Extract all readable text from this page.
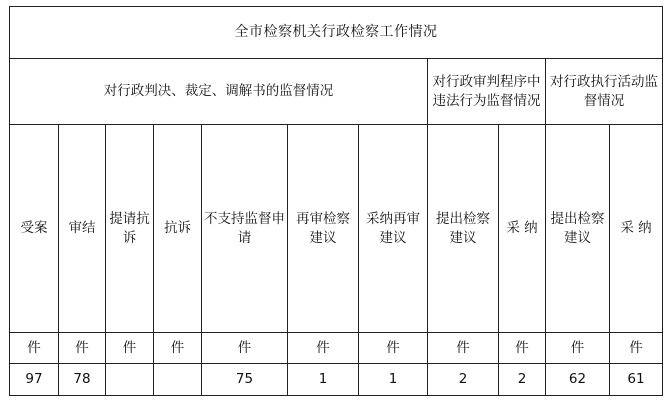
全市检察机关行政检察工作情况										
对行政判决、裁定、调解书的监督情况							对行政审判程序中违法行为监督情况		对行政执行活动监督情况	
受案	审结	提请抗诉	抗诉	不支持监督申请	再审检察建议	采纳再审建议	提出检察建议	采 纳	提出检察建议	采 纳
件	件	件	件	件	件	件	件	件	件	件
97	78			75	1	1	2	2	62	61
